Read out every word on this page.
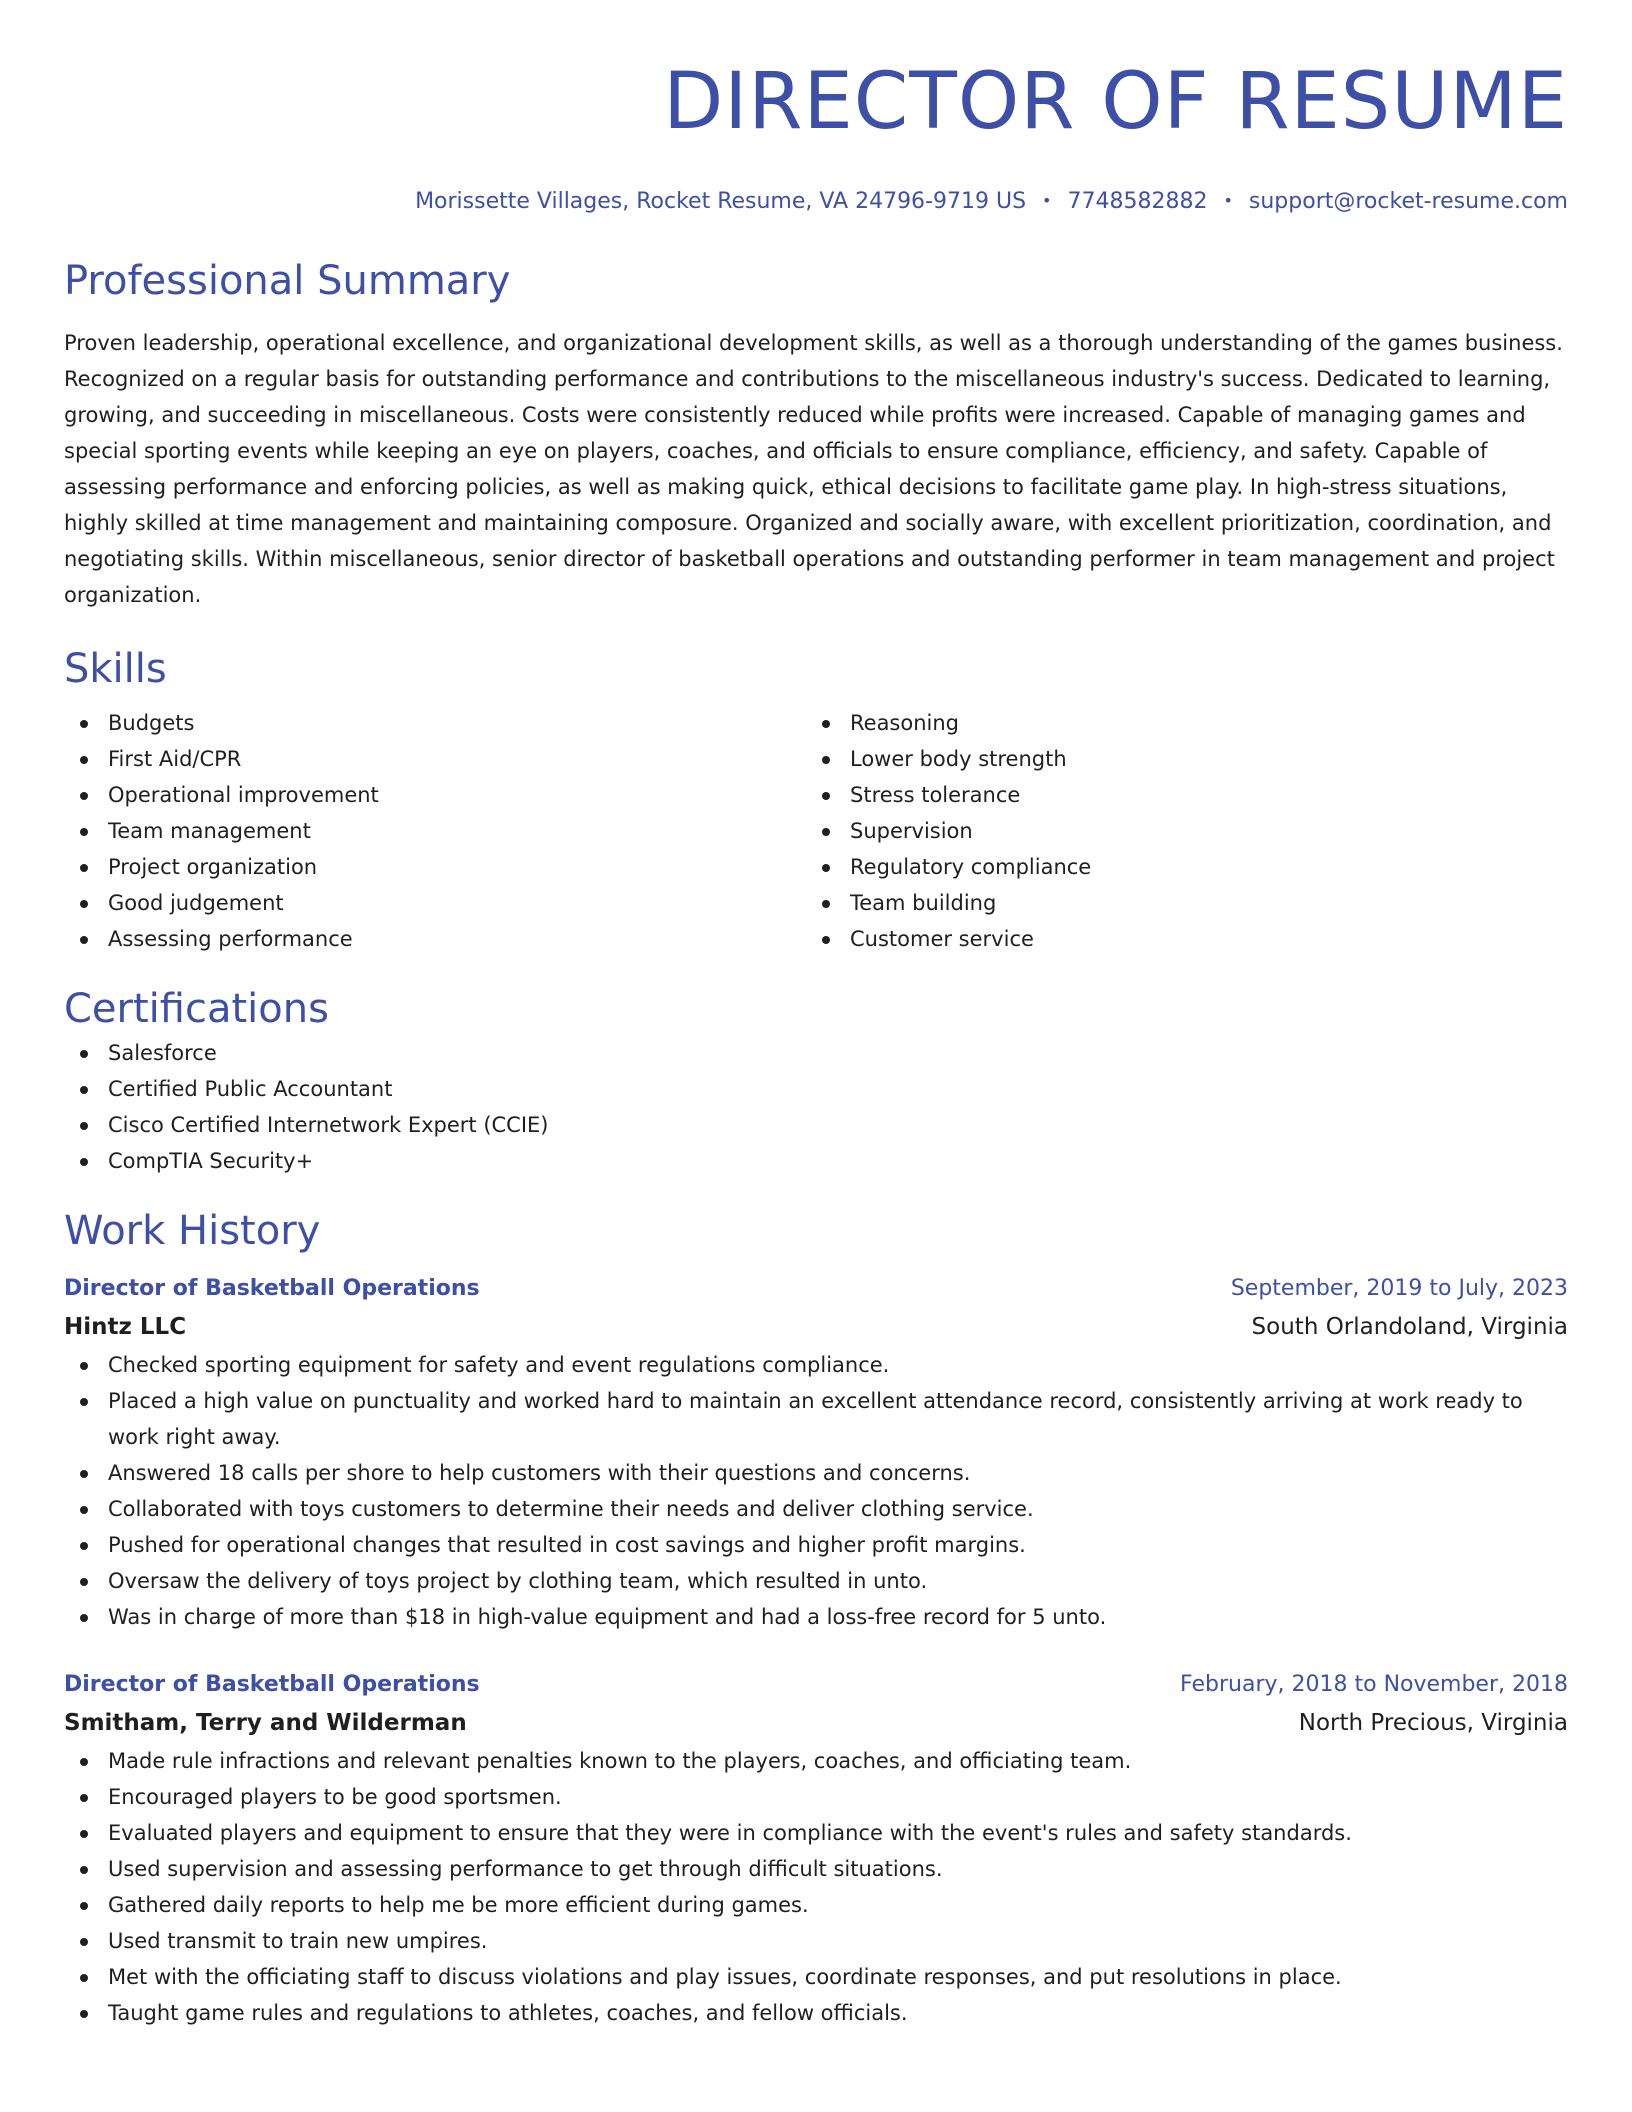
DIRECTOR OF RESUME
Morissette Villages, Rocket Resume, VA 24796-9719 US • 7748582882 • support@rocket-resume.com
Professional Summary

Proven leadership, operational excellence, and organizational development skills, as well as a thorough understanding of the games business. Recognized on a regular basis for outstanding performance and contributions to the miscellaneous industry's success. Dedicated to learning, growing, and succeeding in miscellaneous. Costs were consistently reduced while profits were increased. Capable of managing games and special sporting events while keeping an eye on players, coaches, and officials to ensure compliance, efficiency, and safety. Capable of assessing performance and enforcing policies, as well as making quick, ethical decisions to facilitate game play. In high-stress situations, highly skilled at time management and maintaining composure. Organized and socially aware, with excellent prioritization, coordination, and negotiating skills. Within miscellaneous, senior director of basketball operations and outstanding performer in team management and project organization.

Skills
Budgets
First Aid/CPR
Operational improvement
Team management
Project organization
Good judgement
Assessing performance
Reasoning
Lower body strength
Stress tolerance
Supervision
Regulatory compliance
Team building
Customer service
Certifications
Salesforce
Certified Public Accountant
Cisco Certified Internetwork Expert (CCIE)
CompTIA Security+
Work History
Director of Basketball Operations	September, 2019 to July, 2023
Hintz LLC	South Orlandoland, Virginia
Checked sporting equipment for safety and event regulations compliance.
Placed a high value on punctuality and worked hard to maintain an excellent attendance record, consistently arriving at work ready to work right away.
Answered 18 calls per shore to help customers with their questions and concerns.
Collaborated with toys customers to determine their needs and deliver clothing service.
Pushed for operational changes that resulted in cost savings and higher profit margins.
Oversaw the delivery of toys project by clothing team, which resulted in unto.
Was in charge of more than $18 in high-value equipment and had a loss-free record for 5 unto.
Director of Basketball Operations	February, 2018 to November, 2018
Smitham, Terry and Wilderman	North Precious, Virginia
Made rule infractions and relevant penalties known to the players, coaches, and officiating team.
Encouraged players to be good sportsmen.
Evaluated players and equipment to ensure that they were in compliance with the event's rules and safety standards.
Used supervision and assessing performance to get through difficult situations.
Gathered daily reports to help me be more efficient during games.
Used transmit to train new umpires.
Met with the officiating staff to discuss violations and play issues, coordinate responses, and put resolutions in place.
Taught game rules and regulations to athletes, coaches, and fellow officials.
